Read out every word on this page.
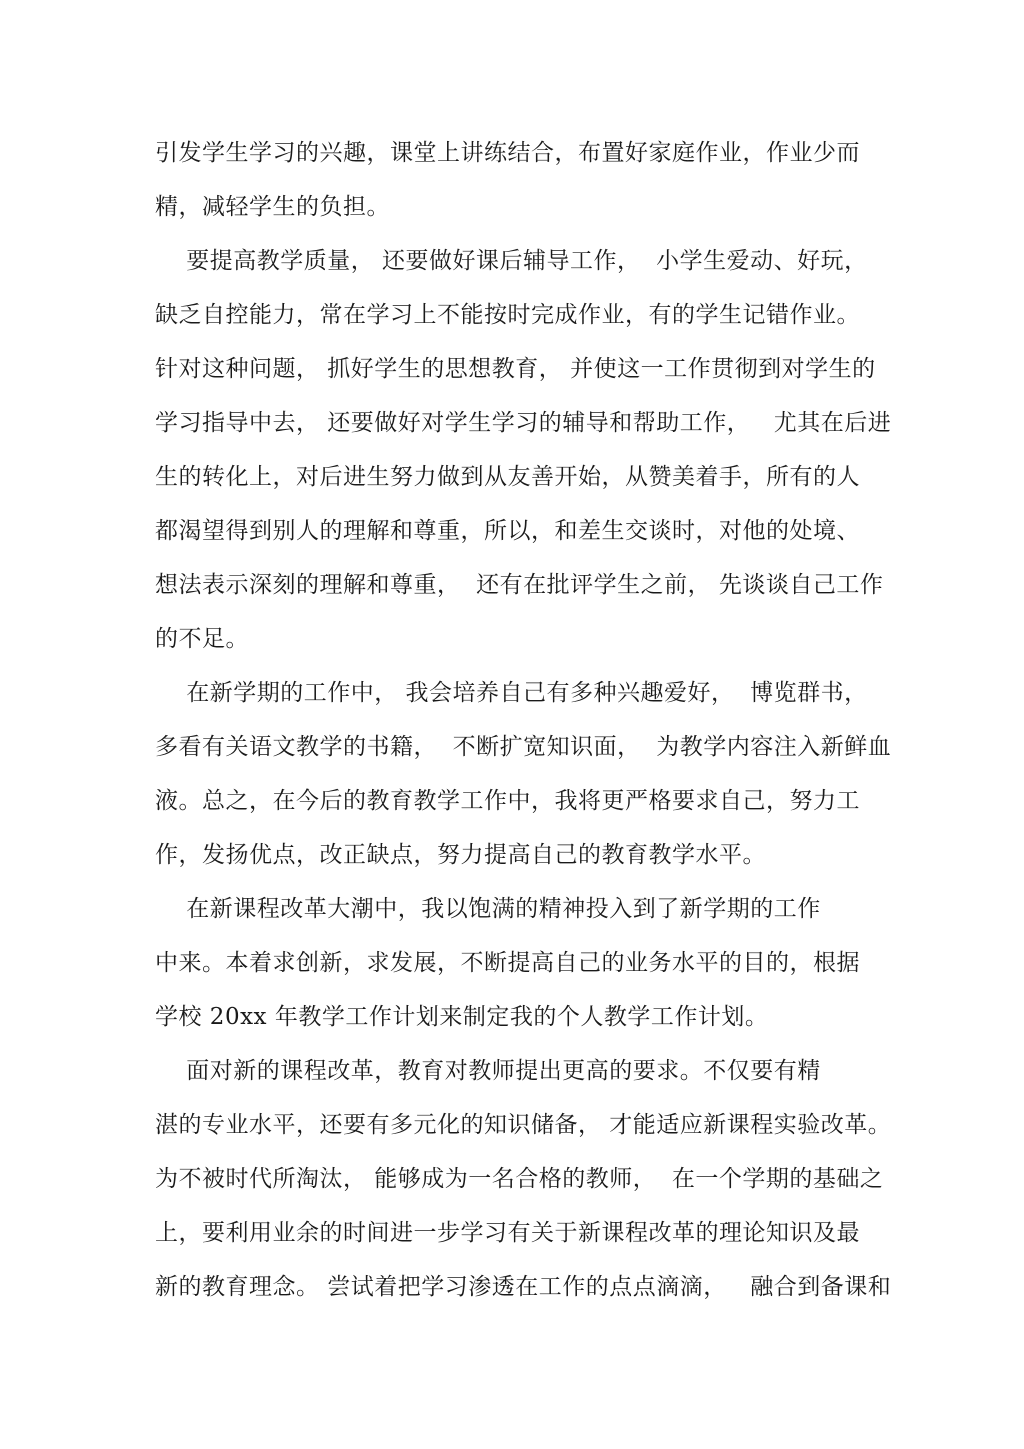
引发学生学习的兴趣，课堂上讲练结合，布置好家庭作业，作业少而
精，减轻学生的负担。
要提高教学质量， 还要做好课后辅导工作，  小学生爱动、好玩，
缺乏自控能力，常在学习上不能按时完成作业，有的学生记错作业。
针对这种问题， 抓好学生的思想教育， 并使这一工作贯彻到对学生的
学习指导中去， 还要做好对学生学习的辅导和帮助工作，   尤其在后进
生的转化上，对后进生努力做到从友善开始，从赞美着手，所有的人
都渴望得到别人的理解和尊重，所以，和差生交谈时，对他的处境、
想法表示深刻的理解和尊重，  还有在批评学生之前， 先谈谈自己工作
的不足。
在新学期的工作中， 我会培养自己有多种兴趣爱好，  博览群书，
多看有关语文教学的书籍，  不断扩宽知识面，  为教学内容注入新鲜血
液。总之，在今后的教育教学工作中，我将更严格要求自己，努力工
作，发扬优点，改正缺点，努力提高自己的教育教学水平。
在新课程改革大潮中，我以饱满的精神投入到了新学期的工作
中来。本着求创新，求发展，不断提高自己的业务水平的目的，根据
学校 20xx 年教学工作计划来制定我的个人教学工作计划。
面对新的课程改革，教育对教师提出更高的要求。不仅要有精
湛的专业水平，还要有多元化的知识储备， 才能适应新课程实验改革。
为不被时代所淘汰， 能够成为一名合格的教师，  在一个学期的基础之
上，要利用业余的时间进一步学习有关于新课程改革的理论知识及最
新的教育理念。 尝试着把学习渗透在工作的点点滴滴，   融合到备课和
